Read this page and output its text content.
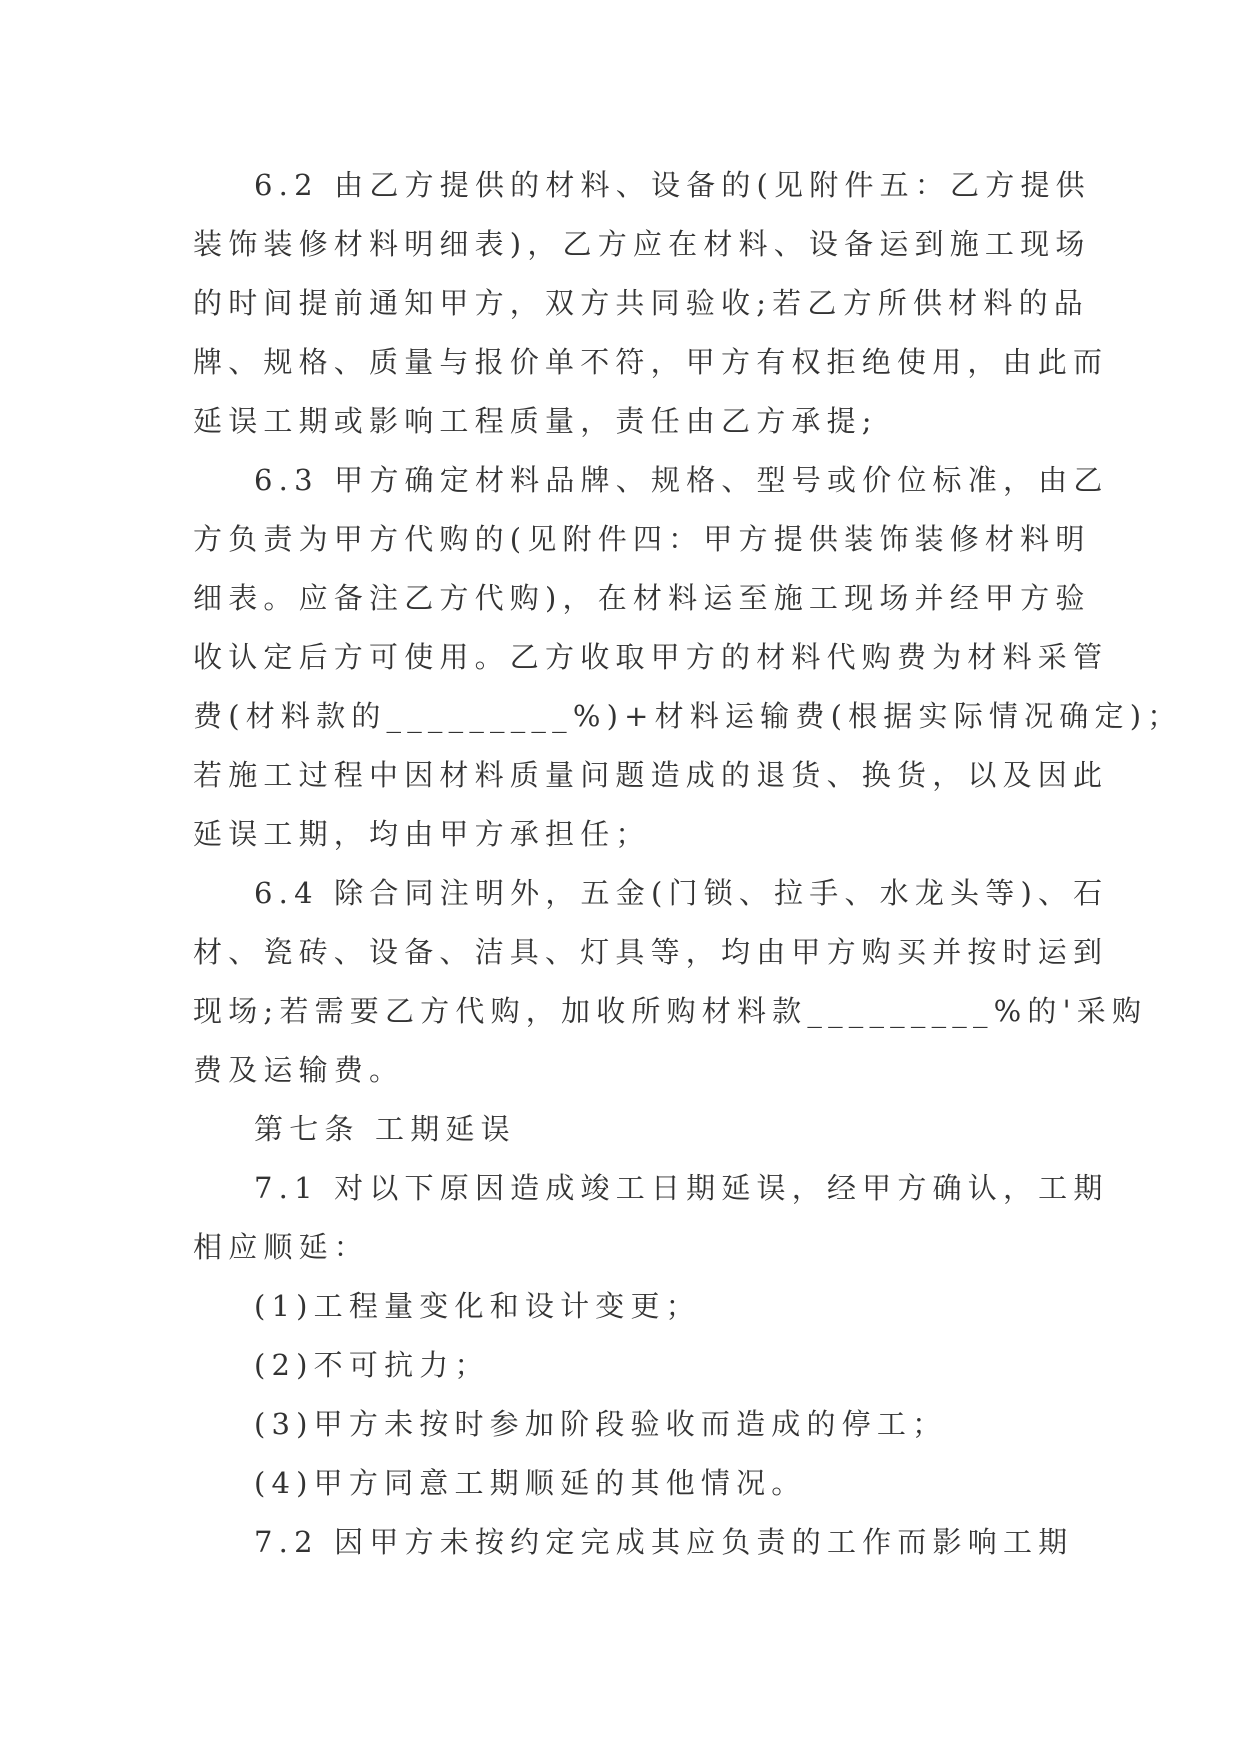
6.2 由乙方提供的材料、设备的(见附件五：乙方提供
装饰装修材料明细表)，乙方应在材料、设备运到施工现场
的时间提前通知甲方，双方共同验收;若乙方所供材料的品
牌、规格、质量与报价单不符，甲方有权拒绝使用，由此而
延误工期或影响工程质量，责任由乙方承提;
6.3 甲方确定材料品牌、规格、型号或价位标准，由乙
方负责为甲方代购的(见附件四：甲方提供装饰装修材料明
细表。应备注乙方代购)，在材料运至施工现场并经甲方验
收认定后方可使用。乙方收取甲方的材料代购费为材料采管
费(材料款的_________%)+材料运输费(根据实际情况确定)；
若施工过程中因材料质量问题造成的退货、换货，以及因此
延误工期，均由甲方承担任；
6.4 除合同注明外，五金(门锁、拉手、水龙头等)、石
材、瓷砖、设备、洁具、灯具等，均由甲方购买并按时运到
现场;若需要乙方代购，加收所购材料款_________%的'采购
费及运输费。
第七条 工期延误
7.1 对以下原因造成竣工日期延误，经甲方确认，工期
相应顺延：
(1)工程量变化和设计变更；
(2)不可抗力；
(3)甲方未按时参加阶段验收而造成的停工；
(4)甲方同意工期顺延的其他情况。
7.2 因甲方未按约定完成其应负责的工作而影响工期
